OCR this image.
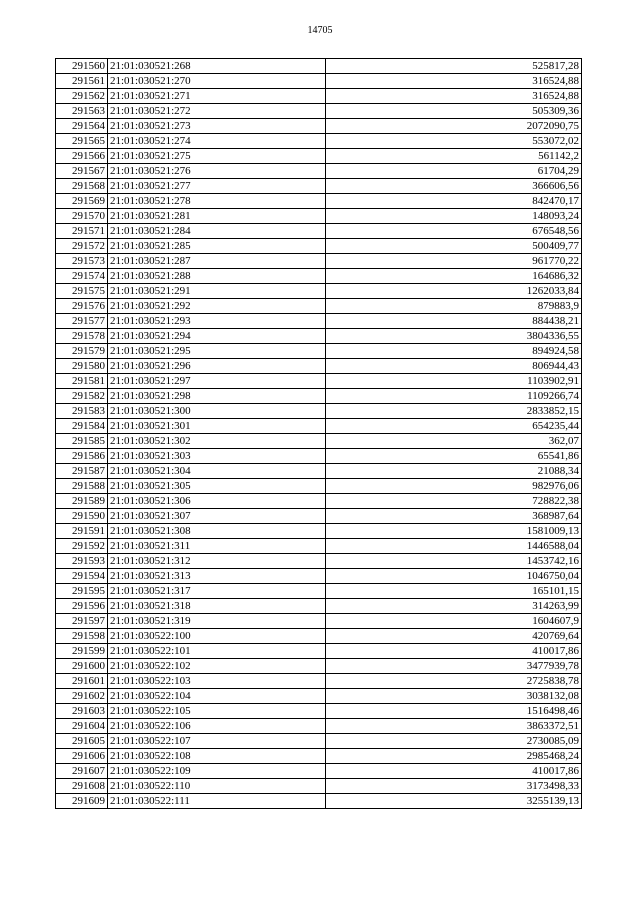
14705
291560	21:01:030521:268	525817,28
291561	21:01:030521:270	316524,88
291562	21:01:030521:271	316524,88
291563	21:01:030521:272	505309,36
291564	21:01:030521:273	2072090,75
291565	21:01:030521:274	553072,02
291566	21:01:030521:275	561142,2
291567	21:01:030521:276	61704,29
291568	21:01:030521:277	366606,56
291569	21:01:030521:278	842470,17
291570	21:01:030521:281	148093,24
291571	21:01:030521:284	676548,56
291572	21:01:030521:285	500409,77
291573	21:01:030521:287	961770,22
291574	21:01:030521:288	164686,32
291575	21:01:030521:291	1262033,84
291576	21:01:030521:292	879883,9
291577	21:01:030521:293	884438,21
291578	21:01:030521:294	3804336,55
291579	21:01:030521:295	894924,58
291580	21:01:030521:296	806944,43
291581	21:01:030521:297	1103902,91
291582	21:01:030521:298	1109266,74
291583	21:01:030521:300	2833852,15
291584	21:01:030521:301	654235,44
291585	21:01:030521:302	362,07
291586	21:01:030521:303	65541,86
291587	21:01:030521:304	21088,34
291588	21:01:030521:305	982976,06
291589	21:01:030521:306	728822,38
291590	21:01:030521:307	368987,64
291591	21:01:030521:308	1581009,13
291592	21:01:030521:311	1446588,04
291593	21:01:030521:312	1453742,16
291594	21:01:030521:313	1046750,04
291595	21:01:030521:317	165101,15
291596	21:01:030521:318	314263,99
291597	21:01:030521:319	1604607,9
291598	21:01:030522:100	420769,64
291599	21:01:030522:101	410017,86
291600	21:01:030522:102	3477939,78
291601	21:01:030522:103	2725838,78
291602	21:01:030522:104	3038132,08
291603	21:01:030522:105	1516498,46
291604	21:01:030522:106	3863372,51
291605	21:01:030522:107	2730085,09
291606	21:01:030522:108	2985468,24
291607	21:01:030522:109	410017,86
291608	21:01:030522:110	3173498,33
291609	21:01:030522:111	3255139,13
